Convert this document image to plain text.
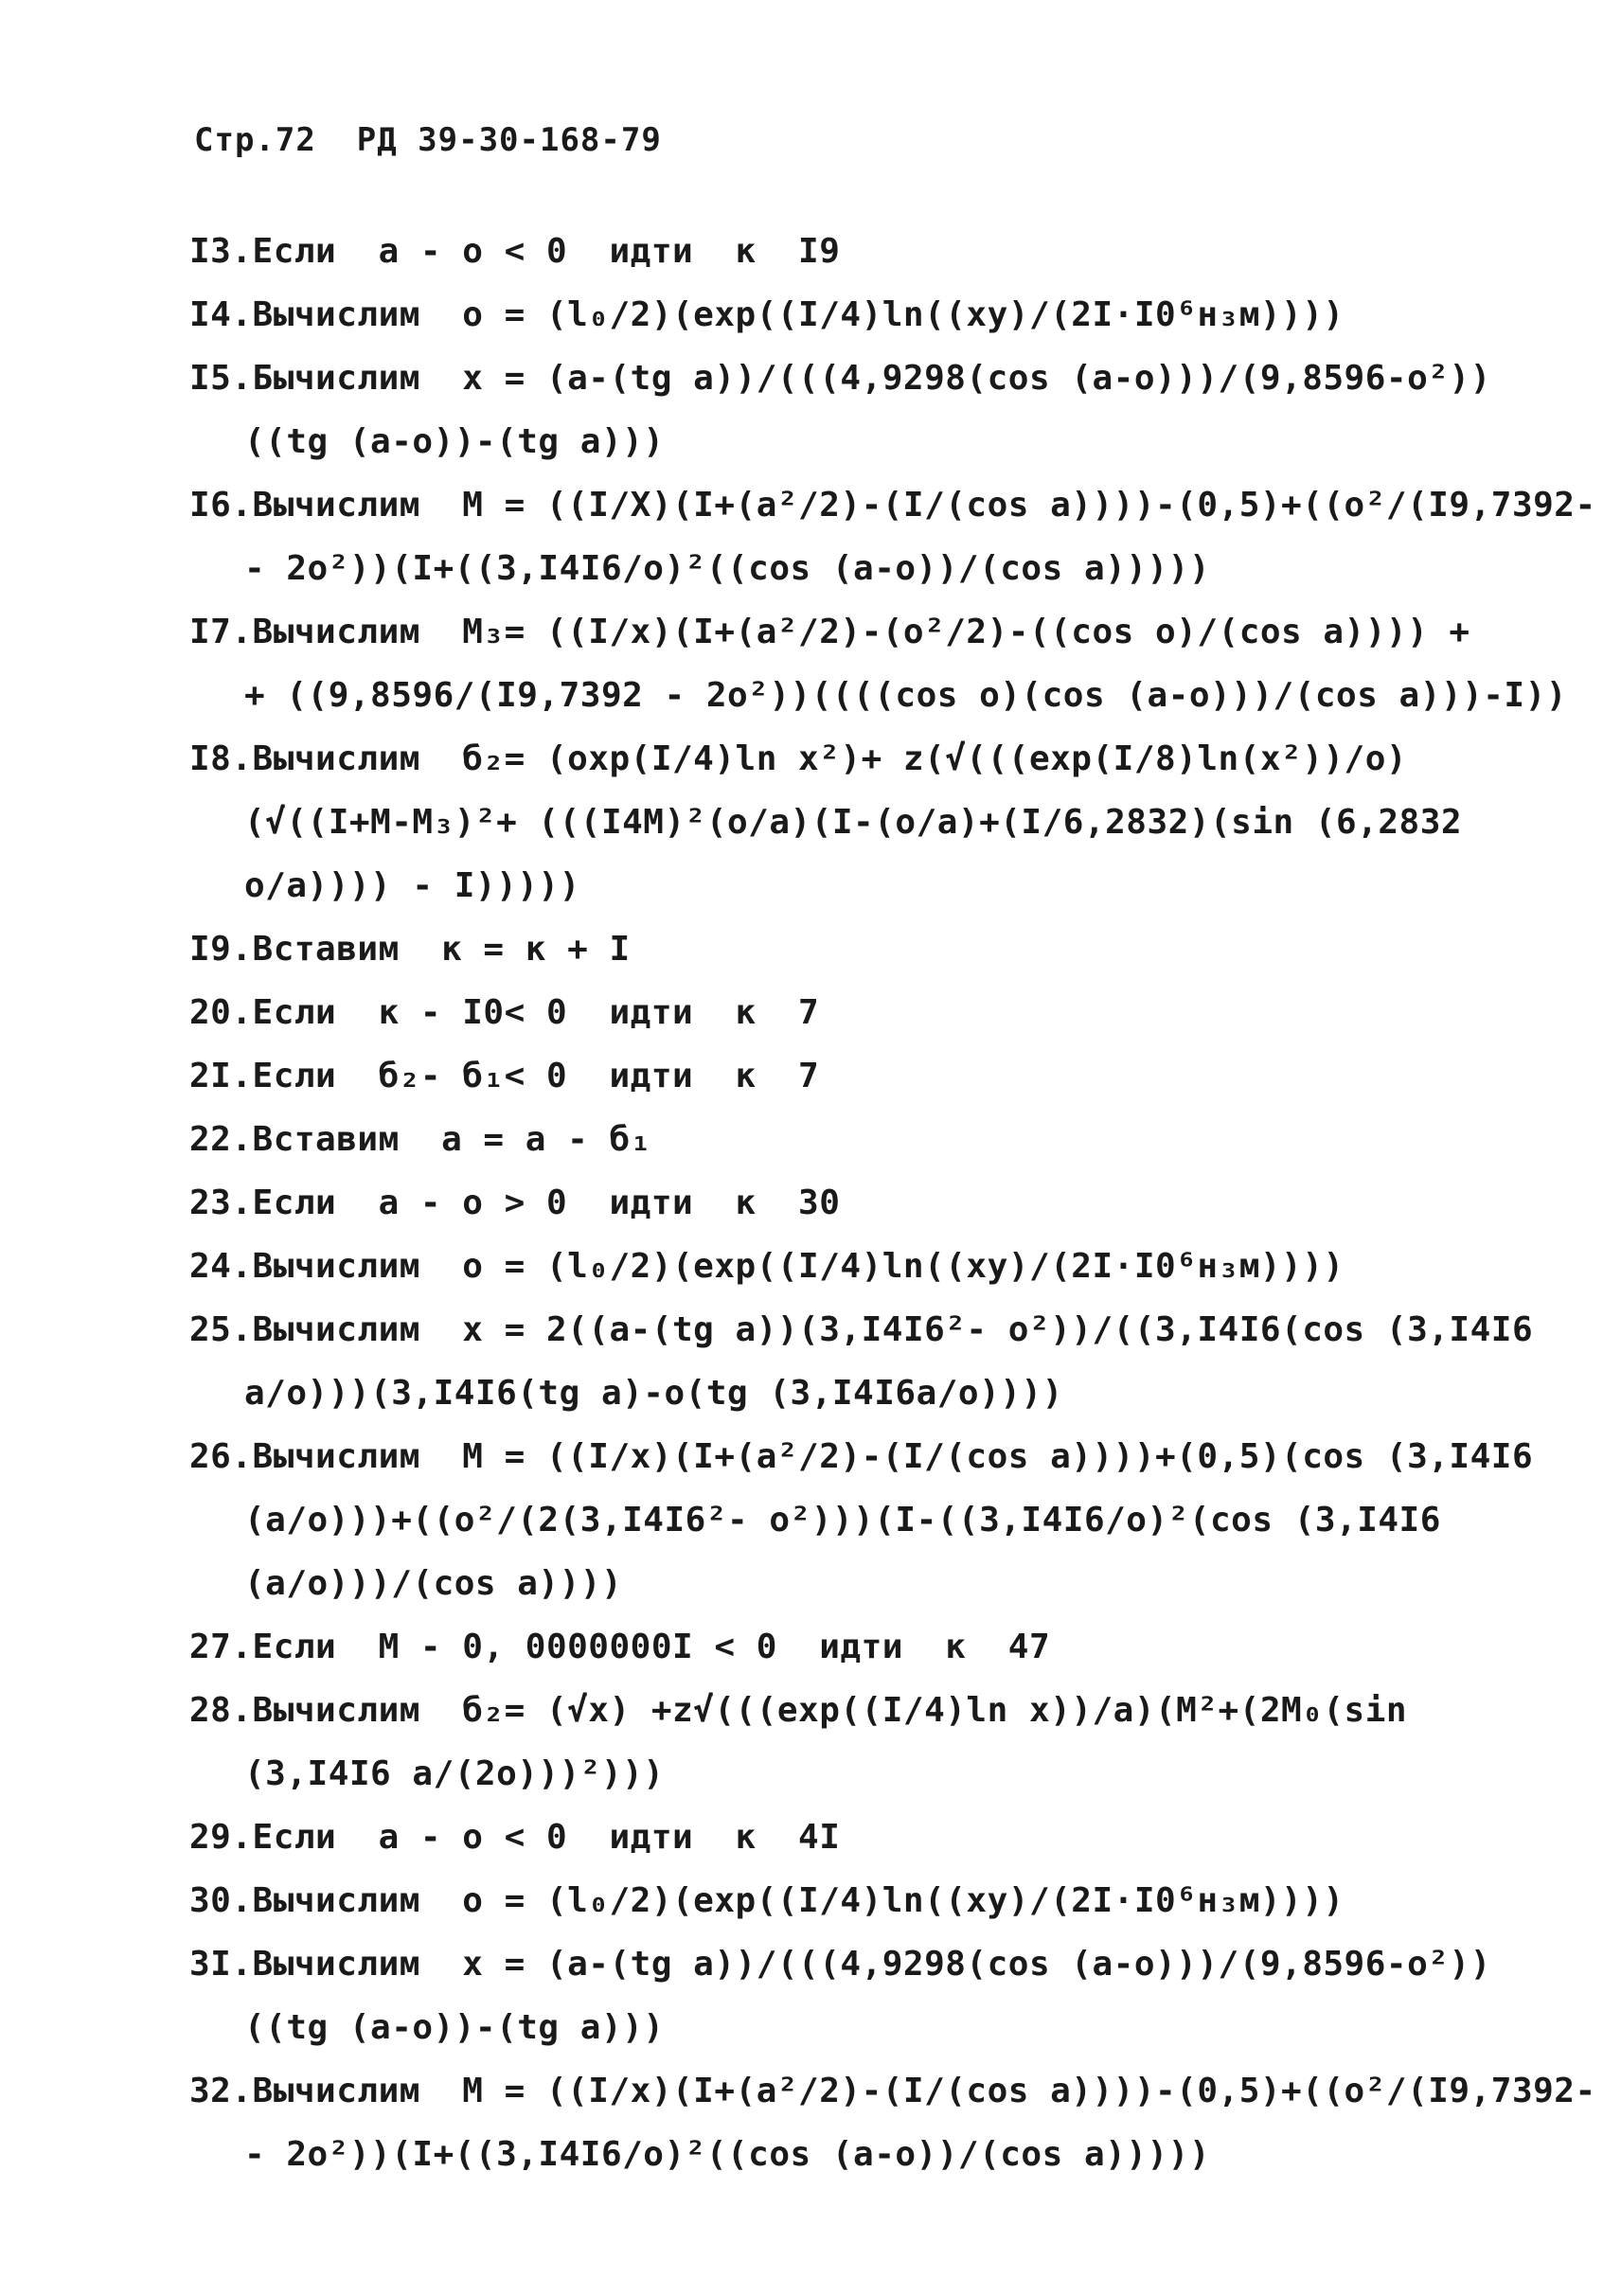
Стр.72  РД 39-30-168-79
I3.Если  а - о < 0  идти  к  I9
I4.Вычислим  о = (l₀/2)(exp((I/4)ln((xy)/(2I·I0⁶н₃м))))
I5.Бычислим  x = (а-(tg а))/(((4,9298(cos (а-о)))/(9,8596-о²))
((tg (а-о))-(tg а)))
I6.Вычислим  М = ((I/X)(I+(а²/2)-(I/(cos а))))-(0,5)+((о²/(I9,7392-
- 2о²))(I+((3,I4I6/о)²((cos (а-о))/(cos а)))))
I7.Вычислим  М₃= ((I/x)(I+(а²/2)-(о²/2)-((cos о)/(cos а)))) +
+ ((9,8596/(I9,7392 - 2о²))((((cos о)(cos (а-о)))/(cos а)))-I))
I8.Вычислим  б₂= (oxp(I/4)ln x²)+ z(√(((exp(I/8)ln(x²))/о)
(√((I+М-М₃)²+ (((I4М)²(о/а)(I-(о/а)+(I/6,2832)(sin (6,2832
о/а)))) - I)))))
I9.Вставим  к = к + I
20.Если  к - I0< 0  идти  к  7
2I.Если  б₂- б₁< 0  идти  к  7
22.Вставим  а = а - б₁
23.Если  а - о > 0  идти  к  30
24.Вычислим  о = (l₀/2)(exp((I/4)ln((xy)/(2I·I0⁶н₃м))))
25.Вычислим  x = 2((а-(tg а))(3,I4I6²- о²))/((3,I4I6(cos (3,I4I6
а/о)))(3,I4I6(tg а)-о(tg (3,I4I6а/о))))
26.Вычислим  М = ((I/x)(I+(а²/2)-(I/(cos а))))+(0,5)(cos (3,I4I6
(а/о)))+((о²/(2(3,I4I6²- о²)))(I-((3,I4I6/о)²(cos (3,I4I6
(а/о)))/(cos а))))
27.Если  М - 0, 0000000I < 0  идти  к  47
28.Вычислим  б₂= (√x) +z√(((exp((I/4)ln x))/а)(М²+(2М₀(sin
(3,I4I6 а/(2о)))²)))
29.Если  а - о < 0  идти  к  4I
30.Вычислим  о = (l₀/2)(exp((I/4)ln((xy)/(2I·I0⁶н₃м))))
3I.Вычислим  x = (а-(tg а))/(((4,9298(cos (а-о)))/(9,8596-о²))
((tg (а-о))-(tg а)))
32.Вычислим  М = ((I/x)(I+(а²/2)-(I/(cos а))))-(0,5)+((о²/(I9,7392-
- 2о²))(I+((3,I4I6/о)²((cos (а-о))/(cos а)))))
